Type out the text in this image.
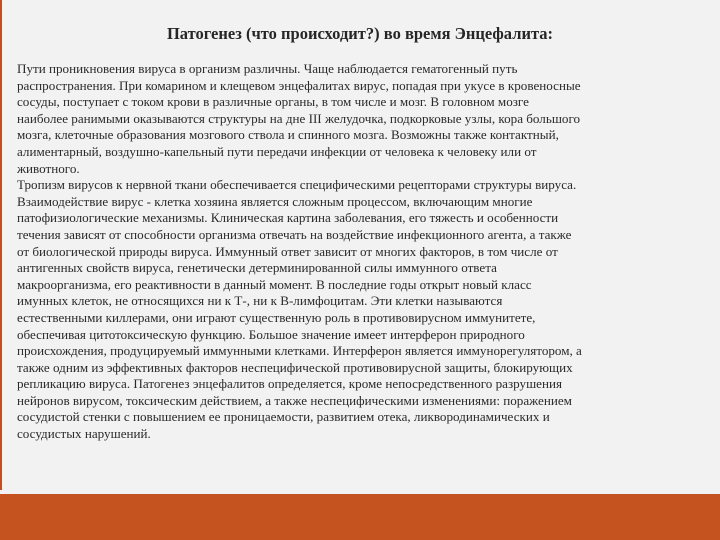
Патогенез (что происходит?) во время Энцефалита:
Пути проникновения вируса в организм различны. Чаще наблюдается гематогенный путь
распространения. При комарином и клещевом энцефалитах вирус, попадая при укусе в кровеносные
сосуды, поступает с током крови в различные органы, в том числе и мозг. В головном мозге
наиболее ранимыми оказываются структуры на дне III желудочка, подкорковые узлы, кора большого
мозга, клеточные образования мозгового ствола и спинного мозга. Возможны также контактный,
алиментарный, воздушно-капельный пути передачи инфекции от человека к человеку или от
животного.
Тропизм вирусов к нервной ткани обеспечивается специфическими рецепторами структуры вируса.
Взаимодействие вирус - клетка хозяина является сложным процессом, включающим многие
патофизиологические механизмы. Клиническая картина заболевания, его тяжесть и особенности
течения зависят от способности организма отвечать на воздействие инфекционного агента, а также
от биологической природы вируса. Иммунный ответ зависит от многих факторов, в том числе от
антигенных свойств вируса, генетически детерминированной силы иммунного ответа
макроорганизма, его реактивности в данный момент. В последние годы открыт новый класс
имунных клеток, не относящихся ни к Т-, ни к В-лимфоцитам. Эти клетки называются
естественными киллерами, они играют существенную роль в противовирусном иммунитете,
обеспечивая цитотоксическую функцию. Большое значение имеет интерферон природного
происхождения, продуцируемый иммунными клетками. Интерферон является иммунорегулятором, а
также одним из эффективных факторов неспецифической противовирусной защиты, блокирующих
репликацию вируса. Патогенез энцефалитов определяется, кроме непосредственного разрушения
нейронов вирусом, токсическим действием, а также неспецифическими изменениями: поражением
сосудистой стенки с повышением ее проницаемости, развитием отека, ликвородинамических и
сосудистых нарушений.
